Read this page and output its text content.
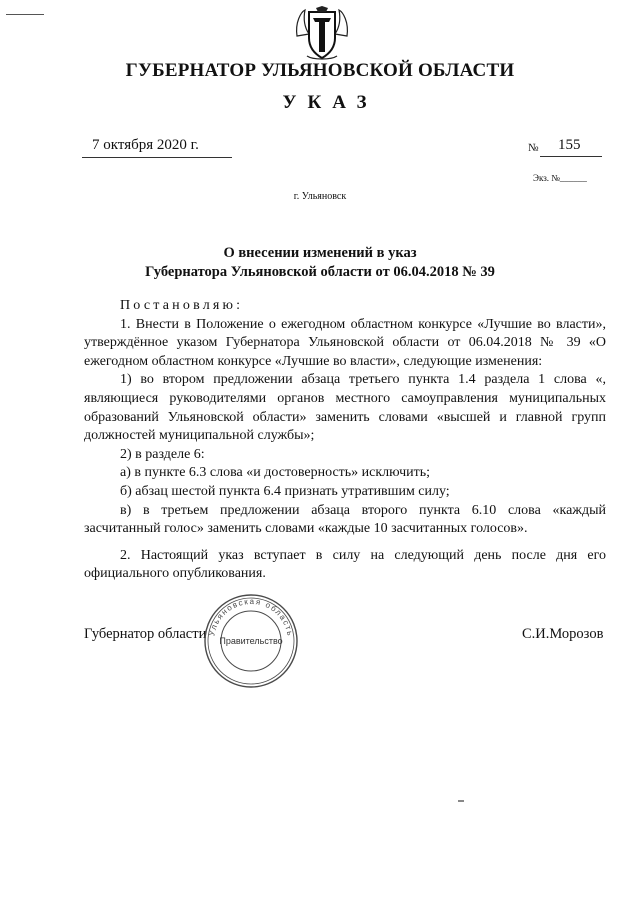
ГУБЕРНАТОР УЛЬЯНОВСКОЙ ОБЛАСТИ
УКАЗ
7 октября 2020 г.	№ 155
Экз. №______
г. Ульяновск
О внесении изменений в указ
Губернатора Ульяновской области от 06.04.2018 № 39

Постановляю:

1. Внести в Положение о ежегодном областном конкурсе «Лучшие во власти», утверждённое указом Губернатора Ульяновской области от 06.04.2018 № 39 «О ежегодном областном конкурсе «Лучшие во власти», следующие изменения:

1) во втором предложении абзаца третьего пункта 1.4 раздела 1 слова «, являющиеся руководителями органов местного самоуправления муниципальных образований Ульяновской области» заменить словами «высшей и главной групп должностей муниципальной службы»;

2) в разделе 6:

а) в пункте 6.3 слова «и достоверность» исключить;

б) абзац шестой пункта 6.4 признать утратившим силу;

в) в третьем предложении абзаца второго пункта 6.10 слова «каждый засчитанный голос» заменить словами «каждые 10 засчитанных голосов».

2. Настоящий указ вступает в силу на следующий день после дня его официального опубликования.

Губернатор области	С.И.Морозов
Ульяновская область
Правительство
